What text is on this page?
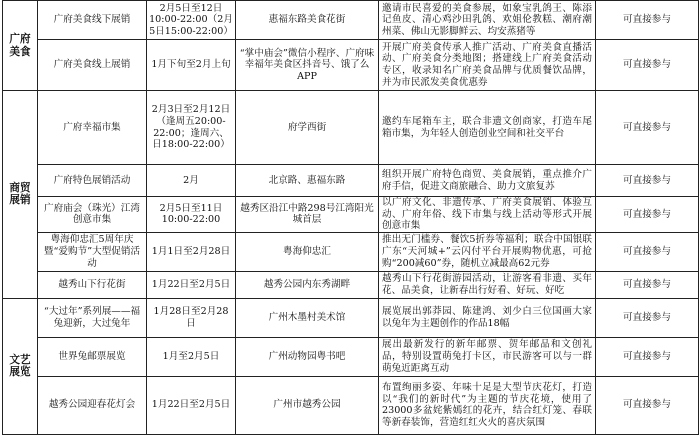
广府美食	广府美食线下展销	2月5日至12日 10:00-22:00（2月5日15:00-22:00）	惠福东路美食花街	邀请市民喜爱的美食参展，如象宝乳鸽王、陈添记鱼皮、清心鸡沙田乳鸽、欢姐伦教糕、潮府潮州菜、佛山无影脚鲜云、均安蒸猪等	可直接参与
	广府美食线上展销	1月下旬至2月上旬	“掌中庙会”微信小程序、广府味幸福年美食区抖音号、饿了么APP	开展广府美食传承人推广活动、广府美食直播活动、广府美食分类地图；搭建线上广府美食活动专区，收录知名广府美食品牌与优质餐饮品牌，并为市民派发美食优惠券	可直接参与
商贸展销	广府幸福市集	2月3日至2月12日（逢周五20:00-22:00；逢周六、日18:00-22:00）	府学西街	邀约车尾箱车主，联合非遗文创商家，打造车尾箱市集，为年轻人创造创业空间和社交平台	可直接参与
	广府特色展销活动	2月	北京路、惠福东路	组织开展广府特色商贸、美食展销，重点推介广府手信，促进文商旅融合、助力文旅复苏	可直接参与
	广府庙会（珠光）江湾创意市集	2月5日至11日 10:00-22:00	越秀区沿江中路298号江湾阳光城首层	以广府文化、非遗传承、广府美食展销、体验互动、广府年俗、线下市集与线上活动等形式开展创意市集	可直接参与
	粤海仰忠汇5周年庆暨“爱购节”大型促销活动	1月1日至2月28日	粤海仰忠汇	推出无门槛券、餐饮5折券等福利；联合中国银联广东“天河城+”云闪付平台开展购物优惠，可抢购“200减60”券，随机立减最高62元券	可直接参与
	越秀山下行花街	1月22日至2月5日	越秀公园内东秀湖畔	越秀山下行花街游园活动，让游客看非遗、买年花、品美食，让新春出行好看、好玩、好吃	可直接参与
文艺展览	“大过年”系列展——福兔迎新，大过兔年	1月28日至2月28日	广州木墨村美术馆	展览展出郭莽园、陈建鸿、刘少白三位国画大家以兔年为主题创作的作品18幅	可直接参与
	世界兔邮票展览	1月至2月5日	广州动物园粤书吧	展出最新发行的新年邮票、贺年邮品和文创礼品，特别设置萌兔打卡区，市民游客可以与一群萌兔近距离互动	可直接参与
	越秀公园迎春花灯会	1月22日至2月5日	广州市越秀公园	布置绚丽多姿、年味十足是大型节庆花灯，打造以“我们的新时代”为主题的节庆花境，使用了23000多盆姹紫嫣红的花卉，结合红灯笼、春联等新春装饰，营造红红火火的喜庆氛围	可直接参与
